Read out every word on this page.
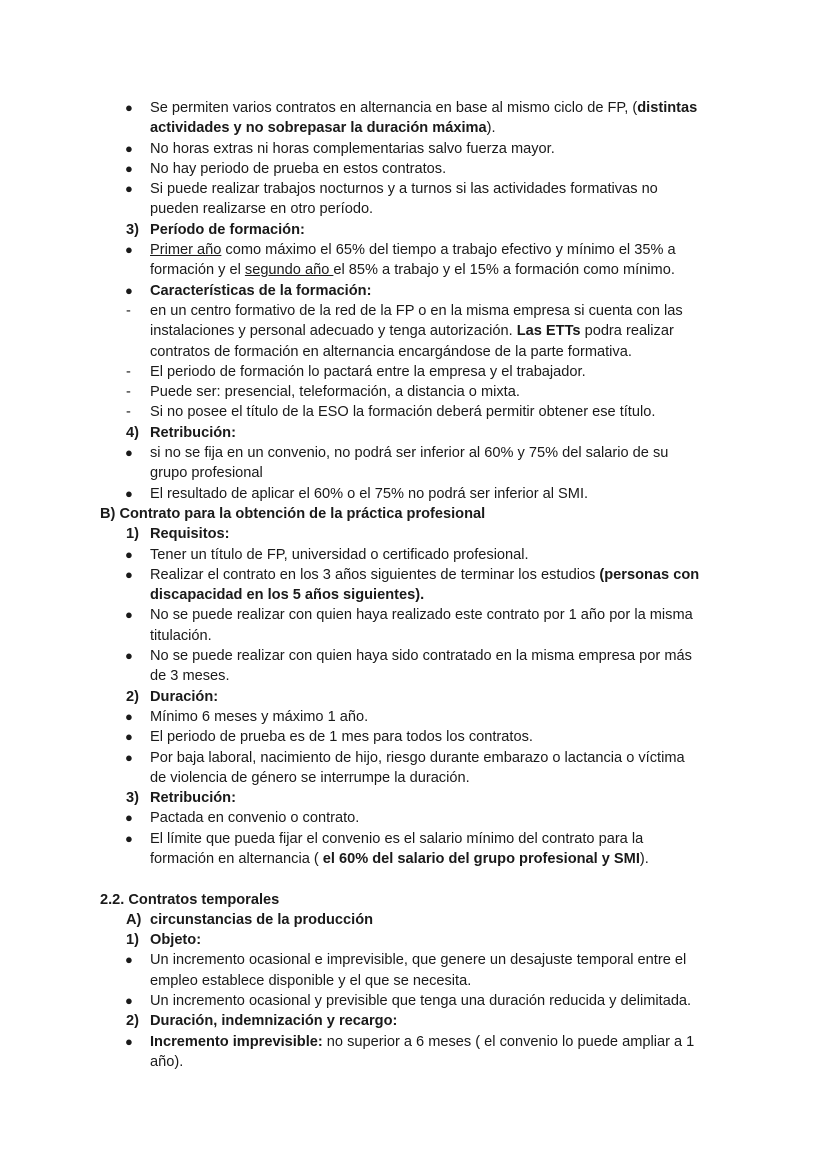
● Se permiten varios contratos en alternancia en base al mismo ciclo de FP, (distintas
actividades y no sobrepasar la duración máxima).
● No horas extras ni horas complementarias salvo fuerza mayor.
● No hay periodo de prueba en estos contratos.
● Si puede realizar trabajos nocturnos y a turnos si las actividades formativas no
pueden realizarse en otro período.
3) Período de formación:
● Primer año como máximo el 65% del tiempo a trabajo efectivo y mínimo el 35% a
formación y el segundo año el 85% a trabajo y el 15% a formación como mínimo.
● Características de la formación:
- en un centro formativo de la red de la FP o en la misma empresa si cuenta con las
instalaciones y personal adecuado y tenga autorización. Las ETTs podra realizar
contratos de formación en alternancia encargándose de la parte formativa.
- El periodo de formación lo pactará entre la empresa y el trabajador.
- Puede ser: presencial, teleformación, a distancia o mixta.
- Si no posee el título de la ESO la formación deberá permitir obtener ese título.
4) Retribución:
● si no se fija en un convenio, no podrá ser inferior al 60% y 75% del salario de su
grupo profesional
● El resultado de aplicar el 60% o el 75% no podrá ser inferior al SMI.
B) Contrato para la obtención de la práctica profesional
1) Requisitos:
● Tener un título de FP, universidad o certificado profesional.
● Realizar el contrato en los 3 años siguientes de terminar los estudios (personas con
discapacidad en los 5 años siguientes).
● No se puede realizar con quien haya realizado este contrato por 1 año por la misma
titulación.
● No se puede realizar con quien haya sido contratado en la misma empresa por más
de 3 meses.
2) Duración:
● Mínimo 6 meses y máximo 1 año.
● El periodo de prueba es de 1 mes para todos los contratos.
● Por baja laboral, nacimiento de hijo, riesgo durante embarazo o lactancia o víctima
de violencia de género se interrumpe la duración.
3) Retribución:
● Pactada en convenio o contrato.
● El límite que pueda fijar el convenio es el salario mínimo del contrato para la
formación en alternancia ( el 60% del salario del grupo profesional y SMI).
2.2. Contratos temporales
A) circunstancias de la producción
1) Objeto:
● Un incremento ocasional e imprevisible, que genere un desajuste temporal entre el
empleo establece disponible y el que se necesita.
● Un incremento ocasional y previsible que tenga una duración reducida y delimitada.
2) Duración, indemnización y recargo:
● Incremento imprevisible: no superior a 6 meses ( el convenio lo puede ampliar a 1
año).
